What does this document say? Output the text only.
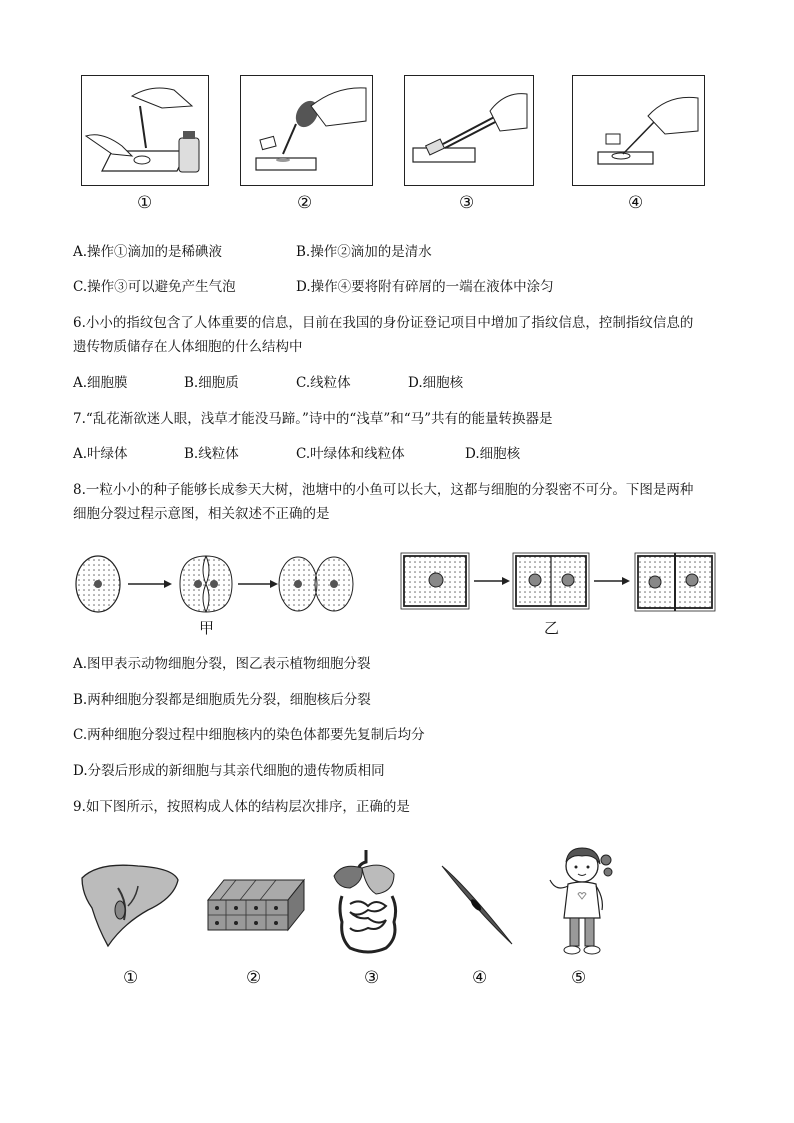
①	②	③	④
A.操作①滴加的是稀碘液	B.操作②滴加的是清水
C.操作③可以避免产生气泡	D.操作④要将附有碎屑的一端在液体中涂匀
6.小小的指纹包含了人体重要的信息，目前在我国的身份证登记项目中增加了指纹信息，控制指纹信息的
遗传物质储存在人体细胞的什么结构中
A.细胞膜	B.细胞质	C.线粒体	D.细胞核
7.“乱花渐欲迷人眼，浅草才能没马蹄。”诗中的“浅草”和“马”共有的能量转换器是
A.叶绿体	B.线粒体	C.叶绿体和线粒体	D.细胞核
8.一粒小小的种子能够长成参天大树，池塘中的小鱼可以长大，这都与细胞的分裂密不可分。下图是两种
细胞分裂过程示意图，相关叙述不正确的是
甲	乙
A.图甲表示动物细胞分裂，图乙表示植物细胞分裂
B.两种细胞分裂都是细胞质先分裂，细胞核后分裂
C.两种细胞分裂过程中细胞核内的染色体都要先复制后均分
D.分裂后形成的新细胞与其亲代细胞的遗传物质相同
9.如下图所示，按照构成人体的结构层次排序，正确的是
①	②	③	④	⑤
